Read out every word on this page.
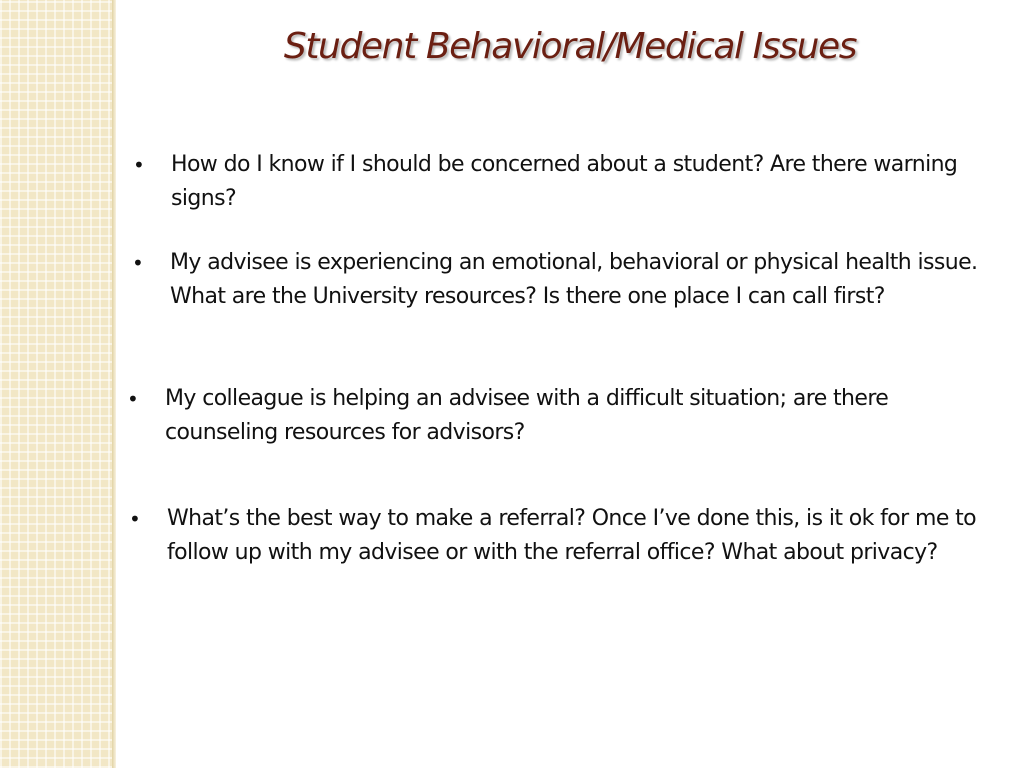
Student Behavioral/Medical Issues
• How do I know if I should be concerned about a student? Are there warning signs?
• My advisee is experiencing an emotional, behavioral or physical health issue. What are the University resources? Is there one place I can call first?
• My colleague is helping an advisee with a difficult situation; are there counseling resources for advisors?
• What’s the best way to make a referral? Once I’ve done this, is it ok for me to follow up with my advisee or with the referral office? What about privacy?
